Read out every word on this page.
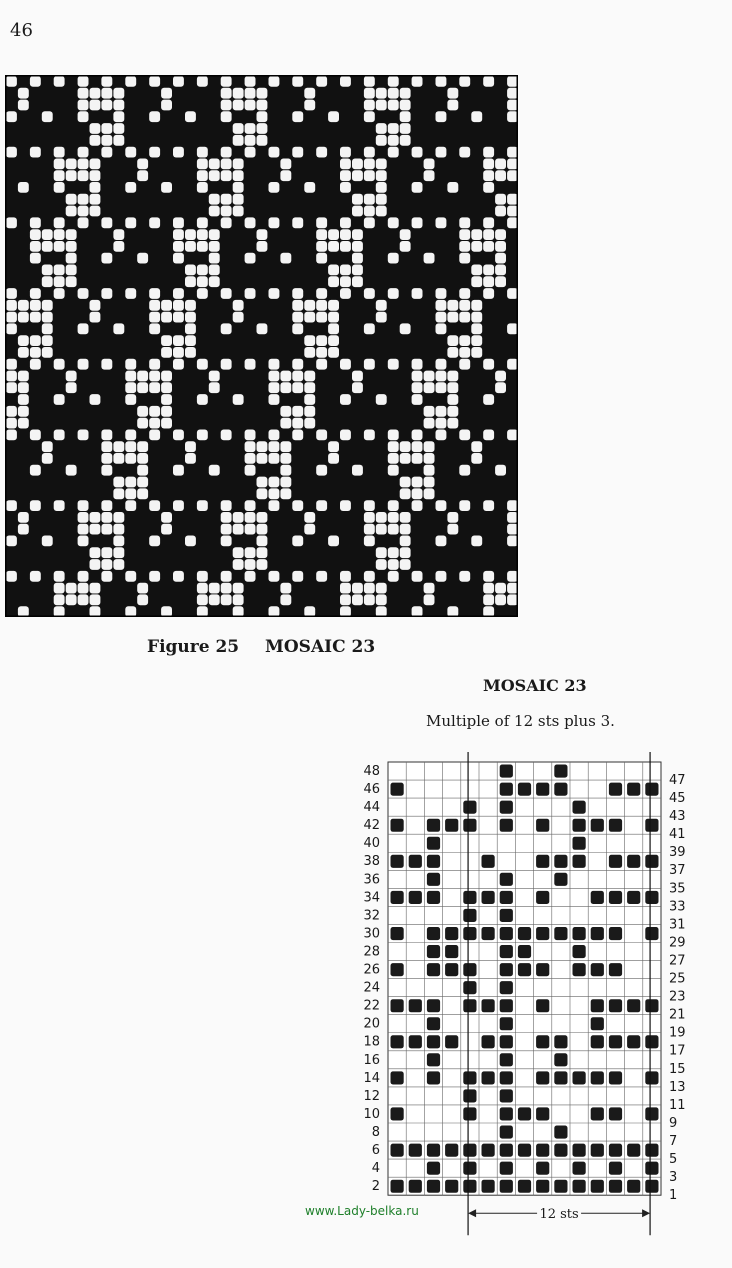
46
Figure 25 MOSAIC 23
MOSAIC 23
Multiple of 12 sts plus 3.
48
46
44
42
40
38
36
34
32
30
28
26
24
22
20
18
16
14
12
10
8
6
4
2
47
45
43
41
39
37
35
33
31
29
27
25
23
21
19
17
15
13
11
9
7
5
3
1
12 sts
www.Lady-belka.ru
